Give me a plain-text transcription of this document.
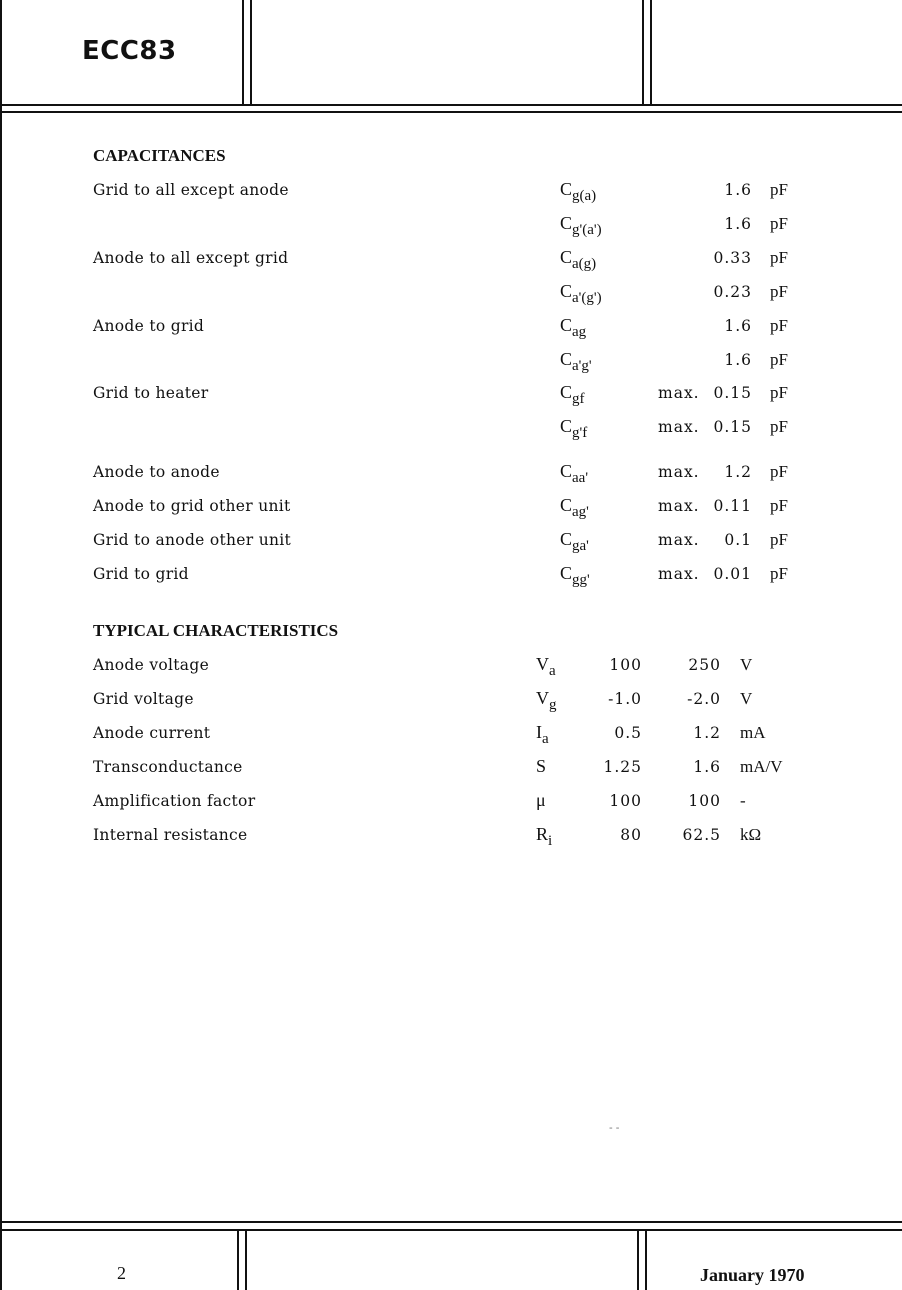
ECC83
CAPACITANCES
Grid to all except anode	$C_{g(a)}$	1.6 pF
$C_{g'(a')}$	1.6 pF
Anode to all except grid	$C_{a(g)}$	0.33 pF
$C_{a'(g')}$	0.23 pF
Anode to grid	$C_{ag}$	1.6 pF
$C_{a'g'}$	1.6 pF
Grid to heater	$C_{gf}$	max. 0.15 pF
$C_{g'f}$	max. 0.15 pF
Anode to anode	$C_{aa'}$	max. 1.2 pF
Anode to grid other unit	$C_{ag'}$	max. 0.11 pF
Grid to anode other unit	$C_{ga'}$	max. 0.1 pF
Grid to grid	$C_{gg'}$	max. 0.01 pF
TYPICAL CHARACTERISTICS
Anode voltage	$V_a$	100	250 V
Grid voltage	$V_g$	-1.0	-2.0 V
Anode current	$I_a$	0.5	1.2 mA
Transconductance	S	1.25	1.6 mA/V
Amplification factor	μ	100	100 -
Internal resistance	$R_i$	80	62.5 kΩ
- -
2	January 1970
